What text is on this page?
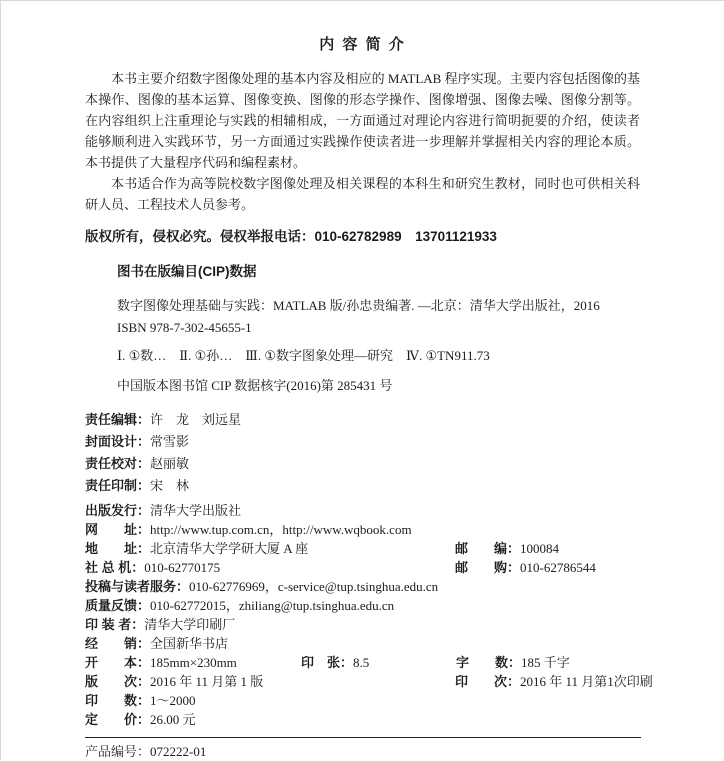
内 容 简 介

本书主要介绍数字图像处理的基本内容及相应的 MATLAB 程序实现。主要内容包括图像的基本操作、图像的基本运算、图像变换、图像的形态学操作、图像增强、图像去噪、图像分割等。在内容组织上注重理论与实践的相辅相成，一方面通过对理论内容进行简明扼要的介绍，使读者能够顺利进入实践环节，另一方面通过实践操作使读者进一步理解并掌握相关内容的理论本质。本书提供了大量程序代码和编程素材。

本书适合作为高等院校数字图像处理及相关课程的本科生和研究生教材，同时也可供相关科研人员、工程技术人员参考。

版权所有，侵权必究。侵权举报电话：010-62782989　13701121933
图书在版编目(CIP)数据
数字图像处理基础与实践：MATLAB 版/孙忠贵编著. —北京：清华大学出版社，2016
ISBN 978-7-302-45655-1
Ⅰ. ①数…　Ⅱ. ①孙…　Ⅲ. ①数字图象处理—研究　Ⅳ. ①TN911.73
中国版本图书馆 CIP 数据核字(2016)第 285431 号
责任编辑：许　龙　刘远星
封面设计：常雪影
责任校对：赵丽敏
责任印制：宋　林
出版发行：清华大学出版社
网　　址：http://www.tup.com.cn，http://www.wqbook.com
地　　址：北京清华大学学研大厦 A 座	邮　　编：100084
社 总 机：010-62770175	邮　　购：010-62786544
投稿与读者服务：010-62776969，c-service@tup.tsinghua.edu.cn
质量反馈：010-62772015，zhiliang@tup.tsinghua.edu.cn
印 装 者：清华大学印刷厂
经　　销：全国新华书店
开　　本：185mm×230mm	印　张：8.5	字　　数：185 千字
版　　次：2016 年 11 月第 1 版	印　　次：2016 年 11 月第1次印刷
印　　数：1～2000
定　　价：26.00 元
产品编号：072222-01
